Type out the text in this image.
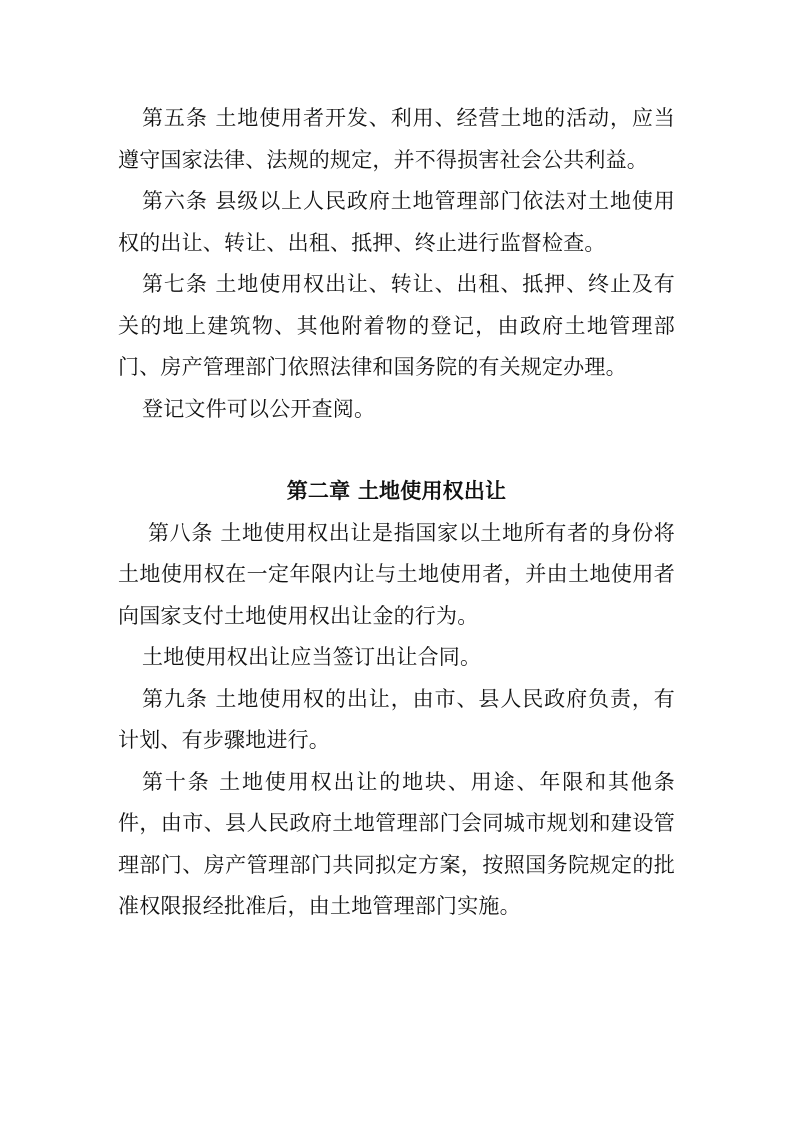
第五条 土地使用者开发、利用、经营土地的活动，应当遵守国家法律、法规的规定，并不得损害社会公共利益。

第六条 县级以上人民政府土地管理部门依法对土地使用权的出让、转让、出租、抵押、终止进行监督检查。

第七条 土地使用权出让、转让、出租、抵押、终止及有关的地上建筑物、其他附着物的登记，由政府土地管理部门、房产管理部门依照法律和国务院的有关规定办理。

登记文件可以公开查阅。

第二章 土地使用权出让

第八条 土地使用权出让是指国家以土地所有者的身份将土地使用权在一定年限内让与土地使用者，并由土地使用者向国家支付土地使用权出让金的行为。

土地使用权出让应当签订出让合同。

第九条 土地使用权的出让，由市、县人民政府负责，有计划、有步骤地进行。

第十条 土地使用权出让的地块、用途、年限和其他条件，由市、县人民政府土地管理部门会同城市规划和建设管理部门、房产管理部门共同拟定方案，按照国务院规定的批准权限报经批准后，由土地管理部门实施。
